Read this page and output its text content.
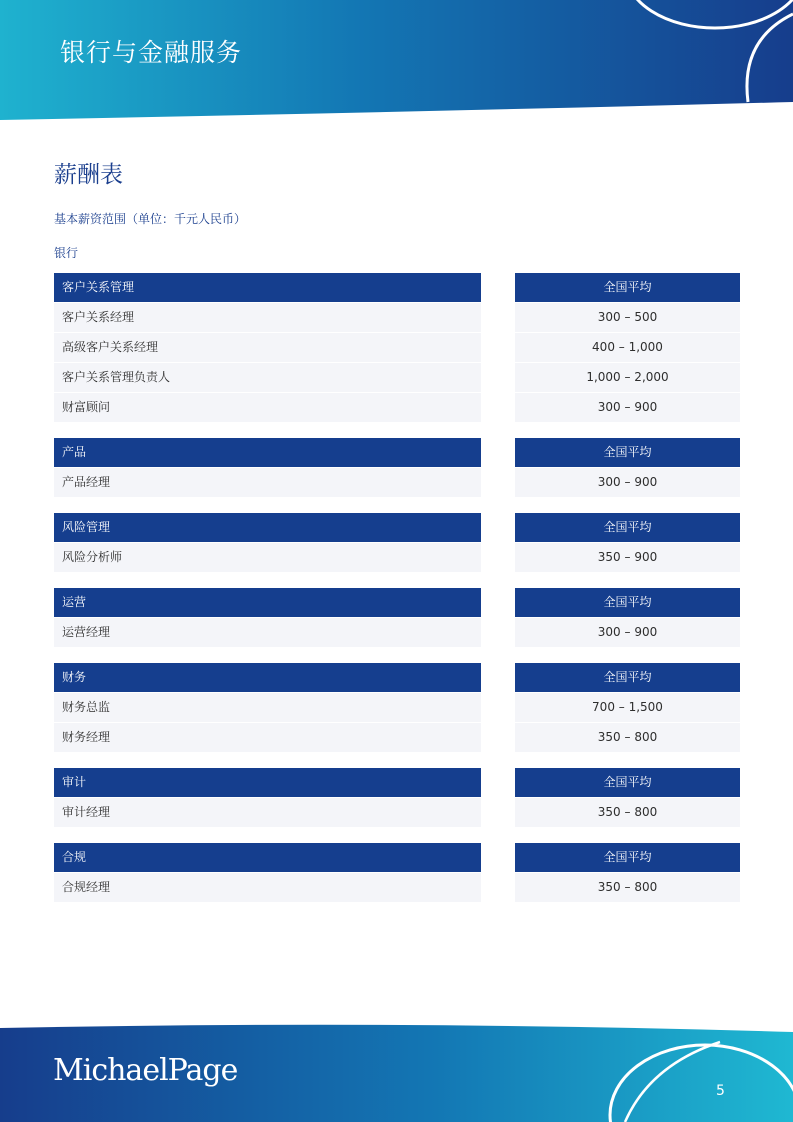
银行与金融服务
薪酬表
基本薪资范围（单位：千元人民币）
银行
客户关系管理	全国平均
客户关系经理	300 – 500
高级客户关系经理	400 – 1,000
客户关系管理负责人	1,000 – 2,000
财富顾问	300 – 900
产品	全国平均
产品经理	300 – 900
风险管理	全国平均
风险分析师	350 – 900
运营	全国平均
运营经理	300 – 900
财务	全国平均
财务总监	700 – 1,500
财务经理	350 – 800
审计	全国平均
审计经理	350 – 800
合规	全国平均
合规经理	350 – 800
MichaelPage
5
